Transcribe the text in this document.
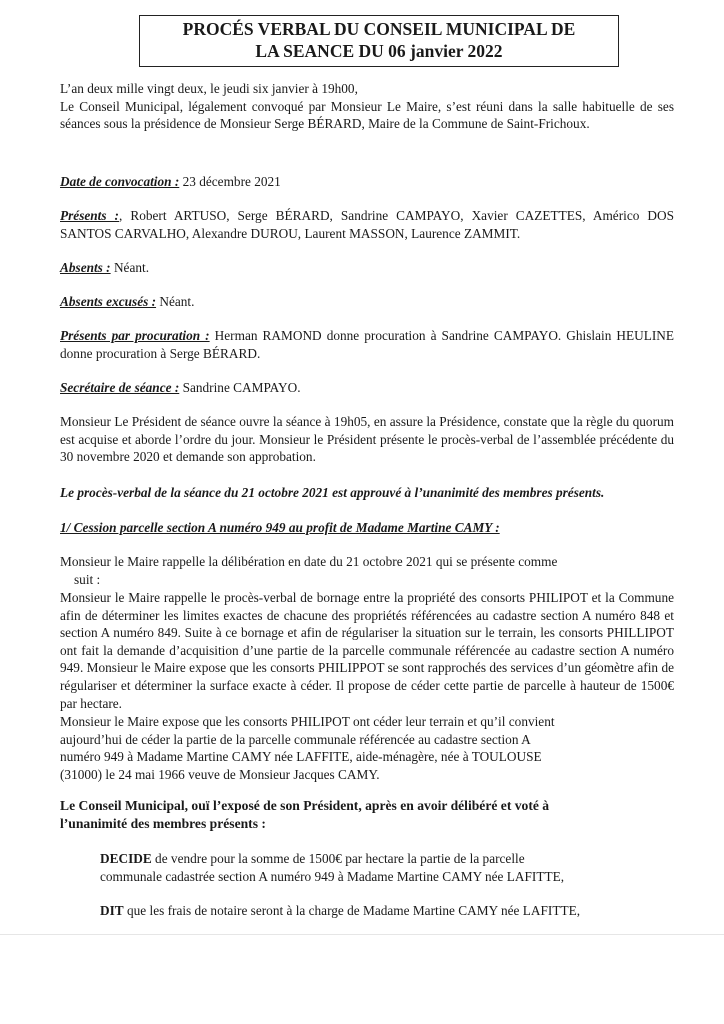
PROCÉS VERBAL DU CONSEIL MUNICIPAL DE
LA SEANCE DU 06 janvier 2022
L’an deux mille vingt deux, le jeudi six janvier à 19h00,
Le Conseil Municipal, légalement convoqué par Monsieur Le Maire, s’est réuni dans la salle habituelle de ses séances sous la présidence de Monsieur Serge BÉRARD, Maire de la Commune de Saint-Frichoux.
Date de convocation : 23 décembre 2021
Présents :, Robert ARTUSO, Serge BÉRARD, Sandrine CAMPAYO, Xavier CAZETTES, Américo DOS SANTOS CARVALHO, Alexandre DUROU, Laurent MASSON, Laurence ZAMMIT.
Absents : Néant.
Absents excusés : Néant.
Présents par procuration : Herman RAMOND donne procuration à Sandrine CAMPAYO. Ghislain HEULINE donne procuration à Serge BÉRARD.
Secrétaire de séance : Sandrine CAMPAYO.
Monsieur Le Président de séance ouvre la séance à 19h05, en assure la Présidence, constate que la règle du quorum est acquise et aborde l’ordre du jour. Monsieur le Président présente le procès-verbal de l’assemblée précédente du 30 novembre 2020 et demande son approbation.
Le procès-verbal de la séance du 21 octobre 2021 est approuvé à l’unanimité des membres présents.
1/ Cession parcelle section A numéro 949 au profit de Madame Martine CAMY :
Monsieur le Maire rappelle la délibération en date du 21 octobre 2021 qui se présente comme
suit :
Monsieur le Maire rappelle le procès-verbal de bornage entre la propriété des consorts PHILIPOT et la Commune afin de déterminer les limites exactes de chacune des propriétés référencées au cadastre section A numéro 848 et section A numéro 849. Suite à ce bornage et afin de régulariser la situation sur le terrain, les consorts PHILLIPOT ont fait la demande d’acquisition d’une partie de la parcelle communale référencée au cadastre section A numéro 949. Monsieur le Maire expose que les consorts PHILIPPOT se sont rapprochés des services d’un géomètre afin de régulariser et déterminer la surface exacte à céder. Il propose de céder cette partie de parcelle à hauteur de 1500€ par hectare.
Monsieur le Maire expose que les consorts PHILIPOT ont céder leur terrain et qu’il convient
aujourd’hui de céder la partie de la parcelle communale référencée au cadastre section A
numéro 949 à Madame Martine CAMY née LAFFITE, aide-ménagère, née à TOULOUSE
(31000) le 24 mai 1966 veuve de Monsieur Jacques CAMY.
Le Conseil Municipal, ouï l’exposé de son Président, après en avoir délibéré et voté à
l’unanimité des membres présents :
DECIDE de vendre pour la somme de 1500€ par hectare la partie de la parcelle
communale cadastrée section A numéro 949 à Madame Martine CAMY née LAFITTE,
DIT que les frais de notaire seront à la charge de Madame Martine CAMY née LAFITTE,
